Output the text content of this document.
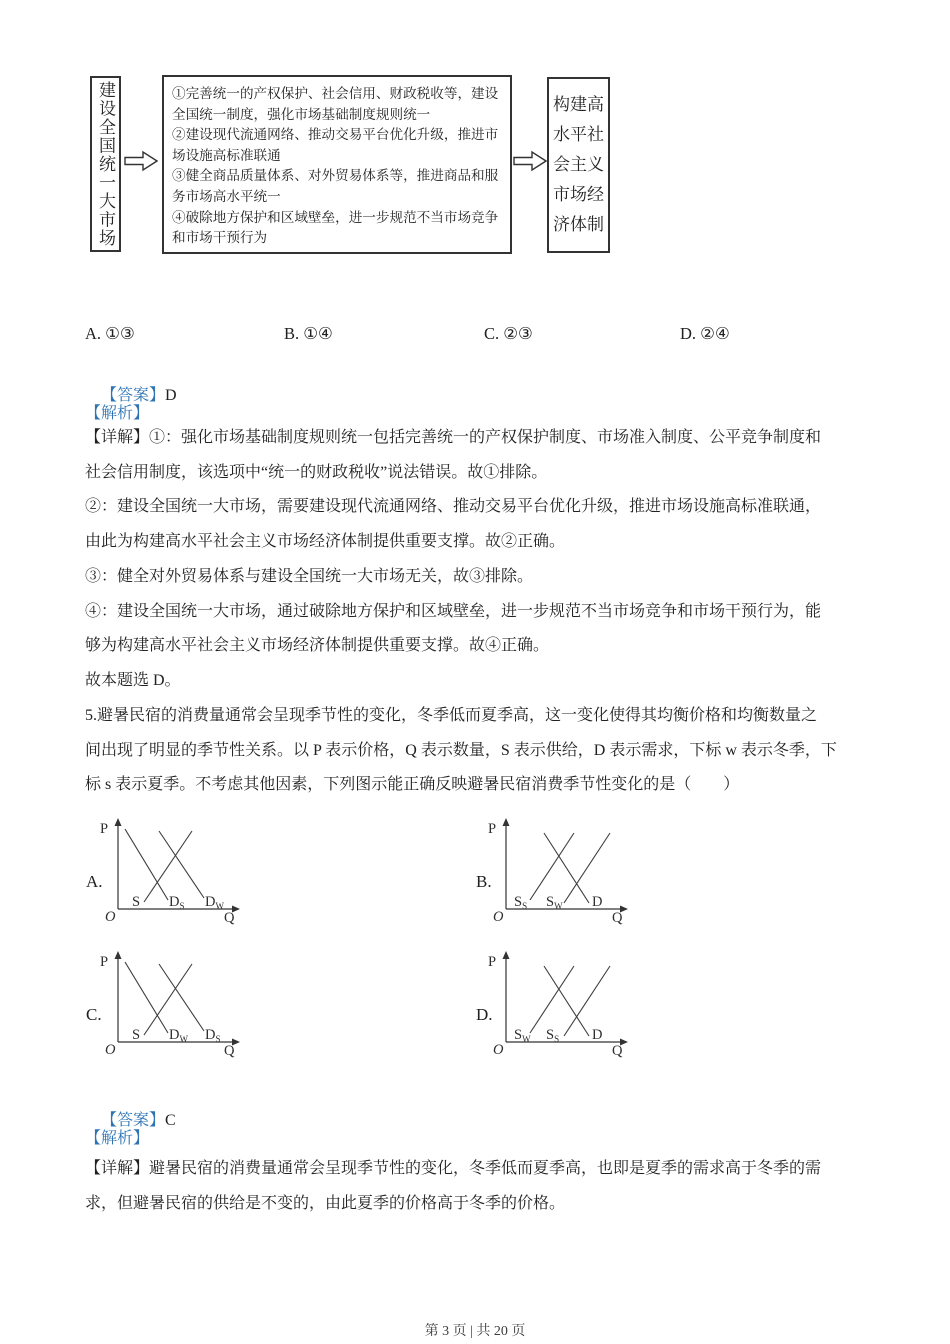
建设全国统一大市场	①完善统一的产权保护、社会信用、财政税收等，建设
全国统一制度，强化市场基础制度规则统一
②建设现代流通网络、推动交易平台优化升级，推进市
场设施高标准联通
③健全商品质量体系、对外贸易体系等，推进商品和服
务市场高水平统一
④破除地方保护和区域壁垒，进一步规范不当市场竞争
和市场干预行为
构建高
水平社
会主义
市场经
济体制
A. ①③	B. ①④	C. ②③	D. ②④

【答案】D

【解析】
【详解】①：强化市场基础制度规则统一包括完善统一的产权保护制度、市场准入制度、公平竞争制度和
社会信用制度，该选项中“统一的财政税收”说法错误。故①排除。
②：建设全国统一大市场，需要建设现代流通网络、推动交易平台优化升级，推进市场设施高标准联通，
由此为构建高水平社会主义市场经济体制提供重要支撑。故②正确。
③：健全对外贸易体系与建设全国统一大市场无关，故③排除。
④：建设全国统一大市场，通过破除地方保护和区域壁垒，进一步规范不当市场竞争和市场干预行为，能
够为构建高水平社会主义市场经济体制提供重要支撑。故④正确。
故本题选 D。
5.避暑民宿的消费量通常会呈现季节性的变化，冬季低而夏季高，这一变化使得其均衡价格和均衡数量之
间出现了明显的季节性关系。以 P 表示价格，Q 表示数量，S 表示供给，D 表示需求，下标 w 表示冬季，下
标 s 表示夏季。不考虑其他因素，下列图示能正确反映避暑民宿消费季节性变化的是（　　）
A.	B.
C.	D.
P
O	Q
S $D_S$ $D_W$
P
O	Q
$S_S$ $S_W$ D
P
O	Q
S $D_W$ $D_S$
P
O	Q
$S_W$ $S_S$ D

【答案】C

【解析】
【详解】避暑民宿的消费量通常会呈现季节性的变化，冬季低而夏季高，也即是夏季的需求高于冬季的需
求，但避暑民宿的供给是不变的，由此夏季的价格高于冬季的价格。
第 3 页 | 共 20 页
